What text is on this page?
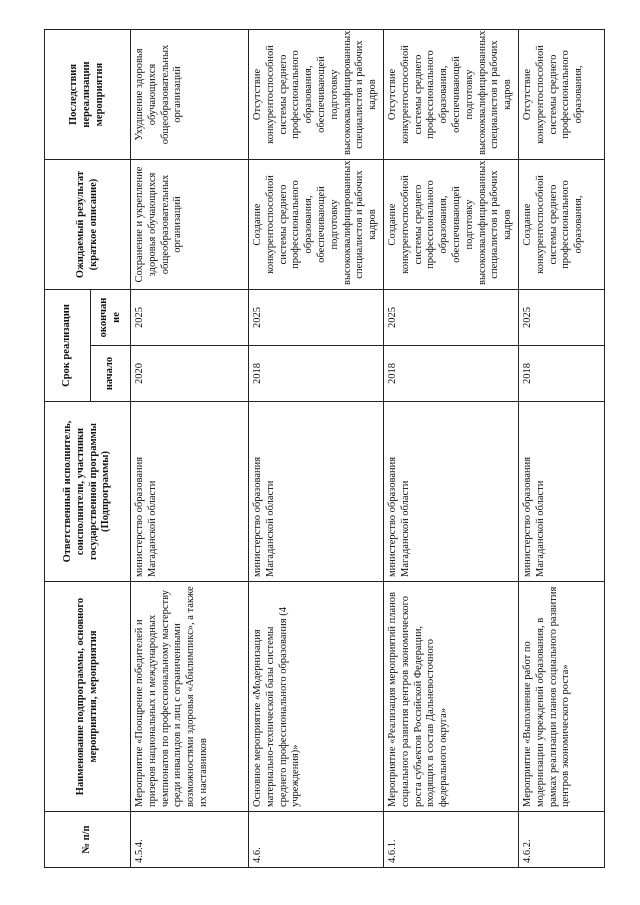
№ п/п	Наименование подпрограммы, основного мероприятия, мероприятия	Ответственный исполнитель, соисполнители, участники государственной программы (Подпрограммы)	Срок реализации		Ожидаемый результат (краткое описание)	Последствия нереализации мероприятия
			начало	окончан ие		
4.5.4.	Мероприятие «Поощрение победителей и призеров национальных и международных чемпионатов по профессиональному мастерству среди инвалидов и лиц с ограниченными возможностями здоровья «Абилимпикс», а также их наставников	министерство образования Магаданской области	2020	2025	Сохранение и укрепление здоровья обучающихся общеобразовательных организаций	Ухудшение здоровья обучающихся общеобразовательных организаций
4.6.	Основное мероприятие «Модернизация материально-технической базы системы среднего профессионального образования (4 учреждения)»	министерство образования Магаданской области	2018	2025	Создание конкурентоспособной системы среднего профессионального образования, обеспечивающей подготовку высококвалифицированных специалистов и рабочих кадров	Отсутствие конкурентоспособной системы среднего профессионального образования, обеспечивающей подготовку высококвалифицированных специалистов и рабочих кадров
4.6.1.	Мероприятие «Реализация мероприятий планов социального развития центров экономического роста субъектов Российской Федерации, входящих в состав Дальневосточного федерального округа»	министерство образования Магаданской области	2018	2025	Создание конкурентоспособной системы среднего профессионального образования, обеспечивающей подготовку высококвалифицированных специалистов и рабочих кадров	Отсутствие конкурентоспособной системы среднего профессионального образования, обеспечивающей подготовку высококвалифицированных специалистов и рабочих кадров
4.6.2.	Мероприятие «Выполнение работ по модернизации учреждений образования, в рамках реализации планов социального развития центров экономического роста»	министерство образования Магаданской области	2018	2025	Создание конкурентоспособной системы среднего профессионального образования,	Отсутствие конкурентоспособной системы среднего профессионального образования,
